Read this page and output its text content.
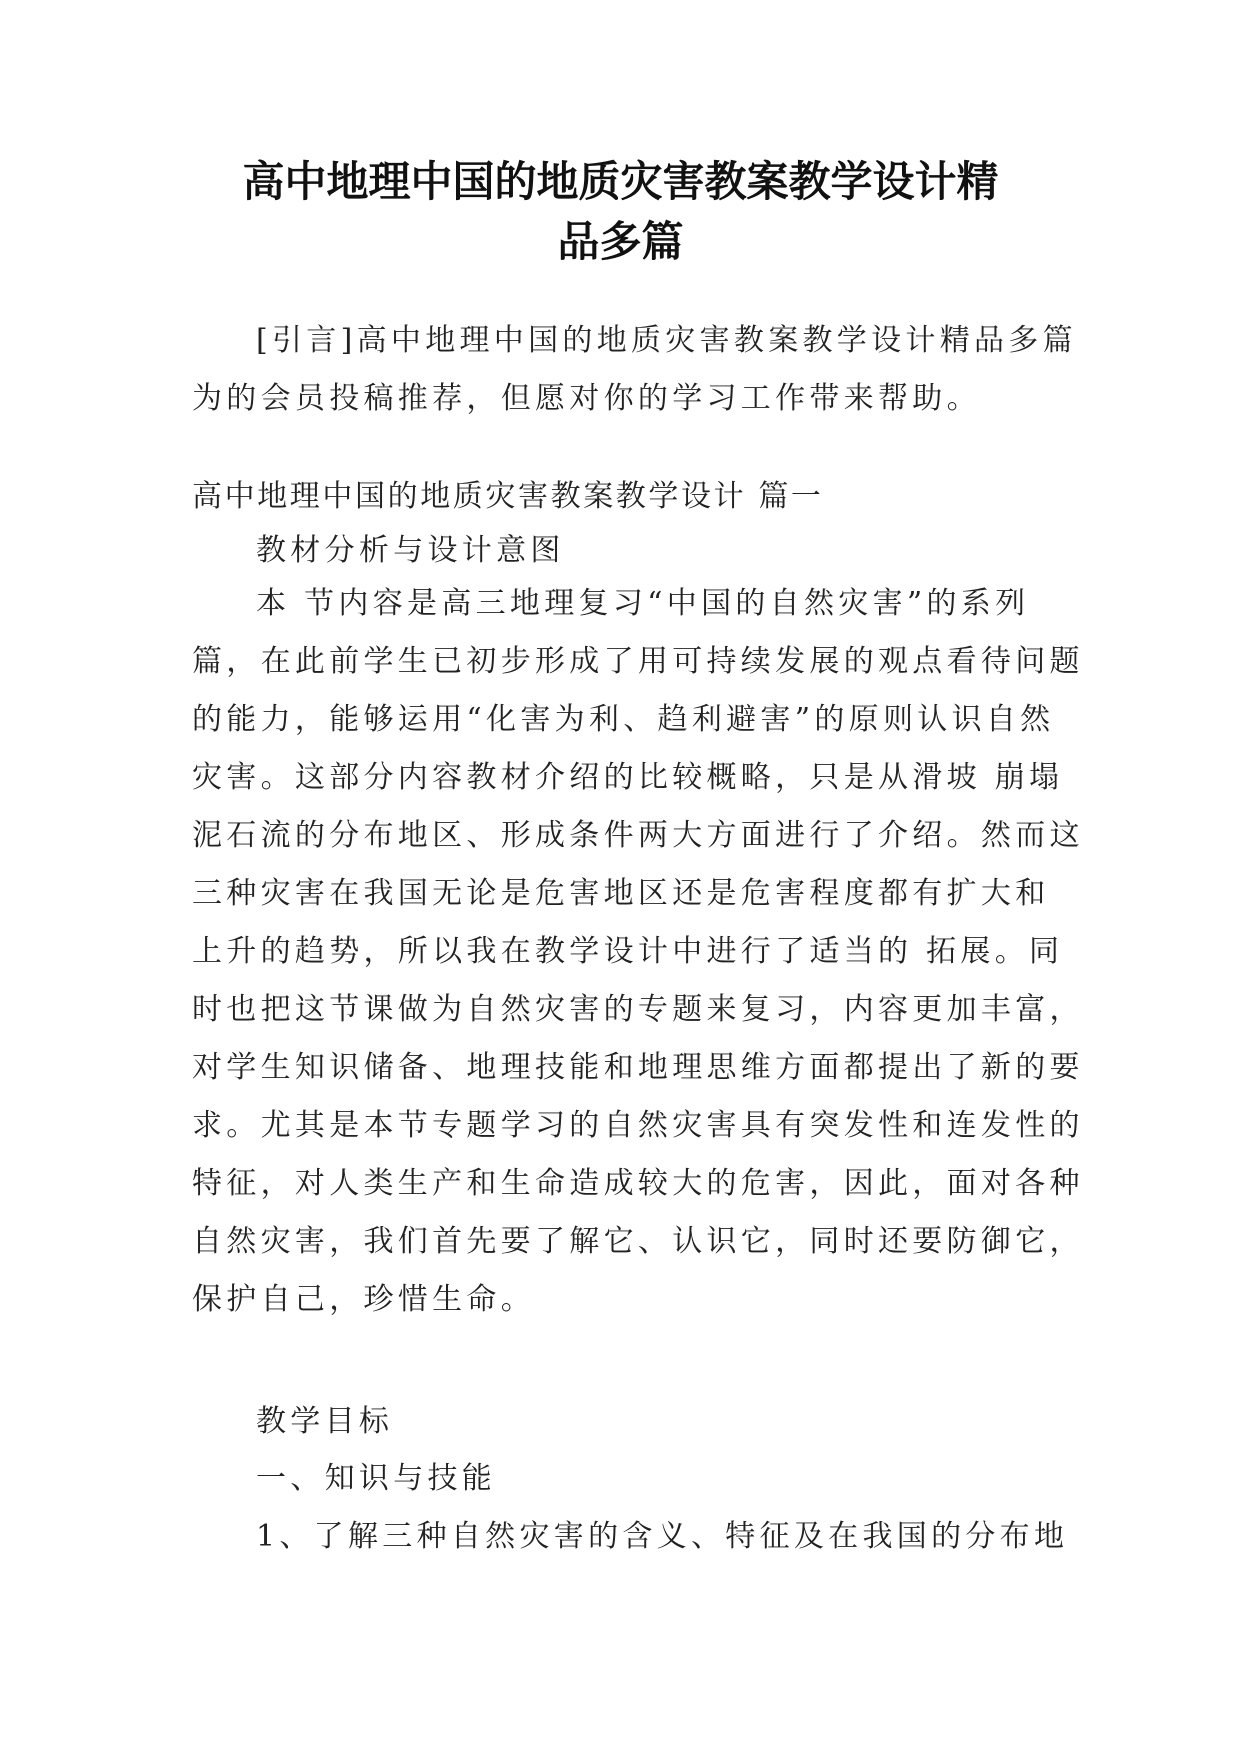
高中地理中国的地质灾害教案教学设计精
品多篇
[引言]高中地理中国的地质灾害教案教学设计精品多篇
为的会员投稿推荐，但愿对你的学习工作带来帮助。
高中地理中国的地质灾害教案教学设计 篇一
教材分析与设计意图
本 节内容是高三地理复习“中国的自然灾害”的系列
篇，在此前学生已初步形成了用可持续发展的观点看待问题
的能力，能够运用“化害为利、趋利避害”的原则认识自然
灾害。这部分内容教材介绍的比较概略，只是从滑坡 崩塌
泥石流的分布地区、形成条件两大方面进行了介绍。然而这
三种灾害在我国无论是危害地区还是危害程度都有扩大和
上升的趋势，所以我在教学设计中进行了适当的 拓展。同
时也把这节课做为自然灾害的专题来复习，内容更加丰富，
对学生知识储备、地理技能和地理思维方面都提出了新的要
求。尤其是本节专题学习的自然灾害具有突发性和连发性的
特征，对人类生产和生命造成较大的危害，因此，面对各种
自然灾害，我们首先要了解它、认识它，同时还要防御它，
保护自己，珍惜生命。
教学目标
一、知识与技能
1、了解三种自然灾害的含义、特征及在我国的分布地
